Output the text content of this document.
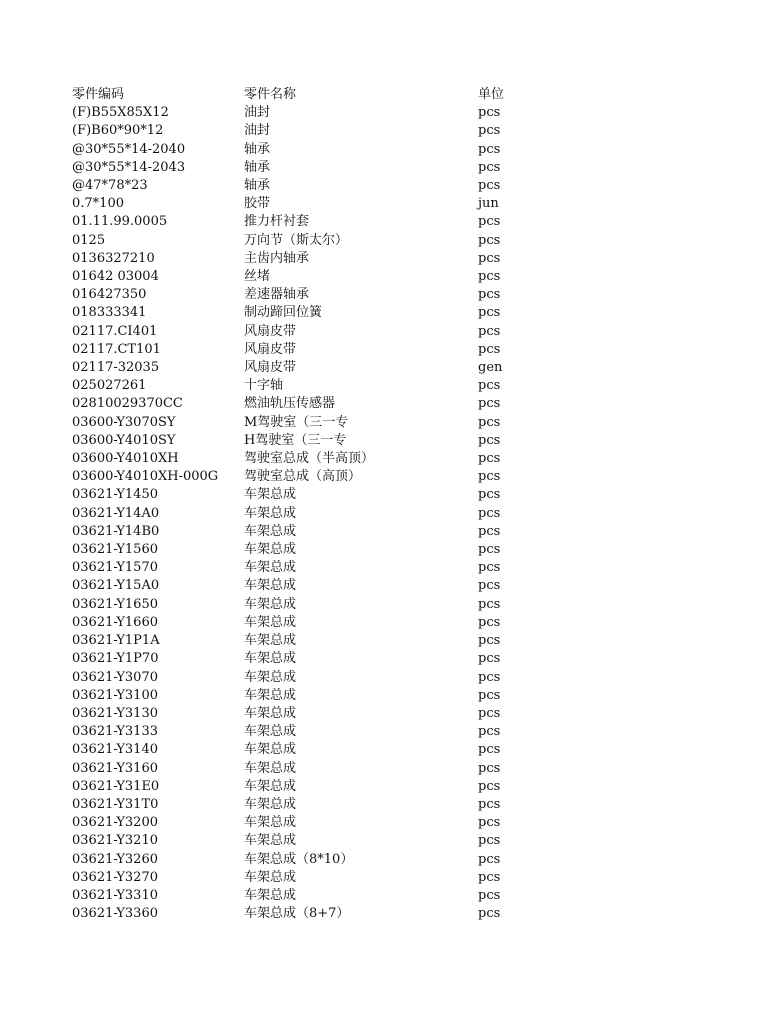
零件编码	零件名称	单位
(F)B55X85X12	油封	pcs
(F)B60*90*12	油封	pcs
@30*55*14-2040	轴承	pcs
@30*55*14-2043	轴承	pcs
@47*78*23	轴承	pcs
0.7*100	胶带	jun
01.11.99.0005	推力杆衬套	pcs
0125	万向节（斯太尔）	pcs
0136327210	主齿内轴承	pcs
01642 03004	丝堵	pcs
016427350	差速器轴承	pcs
018333341	制动蹄回位簧	pcs
02117.CI401	风扇皮带	pcs
02117.CT101	风扇皮带	pcs
02117-32035	风扇皮带	gen
025027261	十字轴	pcs
02810029370CC	燃油轨压传感器	pcs
03600-Y3070SY	M驾驶室（三一专	pcs
03600-Y4010SY	H驾驶室（三一专	pcs
03600-Y4010XH	驾驶室总成（半高顶）	pcs
03600-Y4010XH-000G	驾驶室总成（高顶）	pcs
03621-Y1450	车架总成	pcs
03621-Y14A0	车架总成	pcs
03621-Y14B0	车架总成	pcs
03621-Y1560	车架总成	pcs
03621-Y1570	车架总成	pcs
03621-Y15A0	车架总成	pcs
03621-Y1650	车架总成	pcs
03621-Y1660	车架总成	pcs
03621-Y1P1A	车架总成	pcs
03621-Y1P70	车架总成	pcs
03621-Y3070	车架总成	pcs
03621-Y3100	车架总成	pcs
03621-Y3130	车架总成	pcs
03621-Y3133	车架总成	pcs
03621-Y3140	车架总成	pcs
03621-Y3160	车架总成	pcs
03621-Y31E0	车架总成	pcs
03621-Y31T0	车架总成	pcs
03621-Y3200	车架总成	pcs
03621-Y3210	车架总成	pcs
03621-Y3260	车架总成（8*10）	pcs
03621-Y3270	车架总成	pcs
03621-Y3310	车架总成	pcs
03621-Y3360	车架总成（8+7）	pcs
